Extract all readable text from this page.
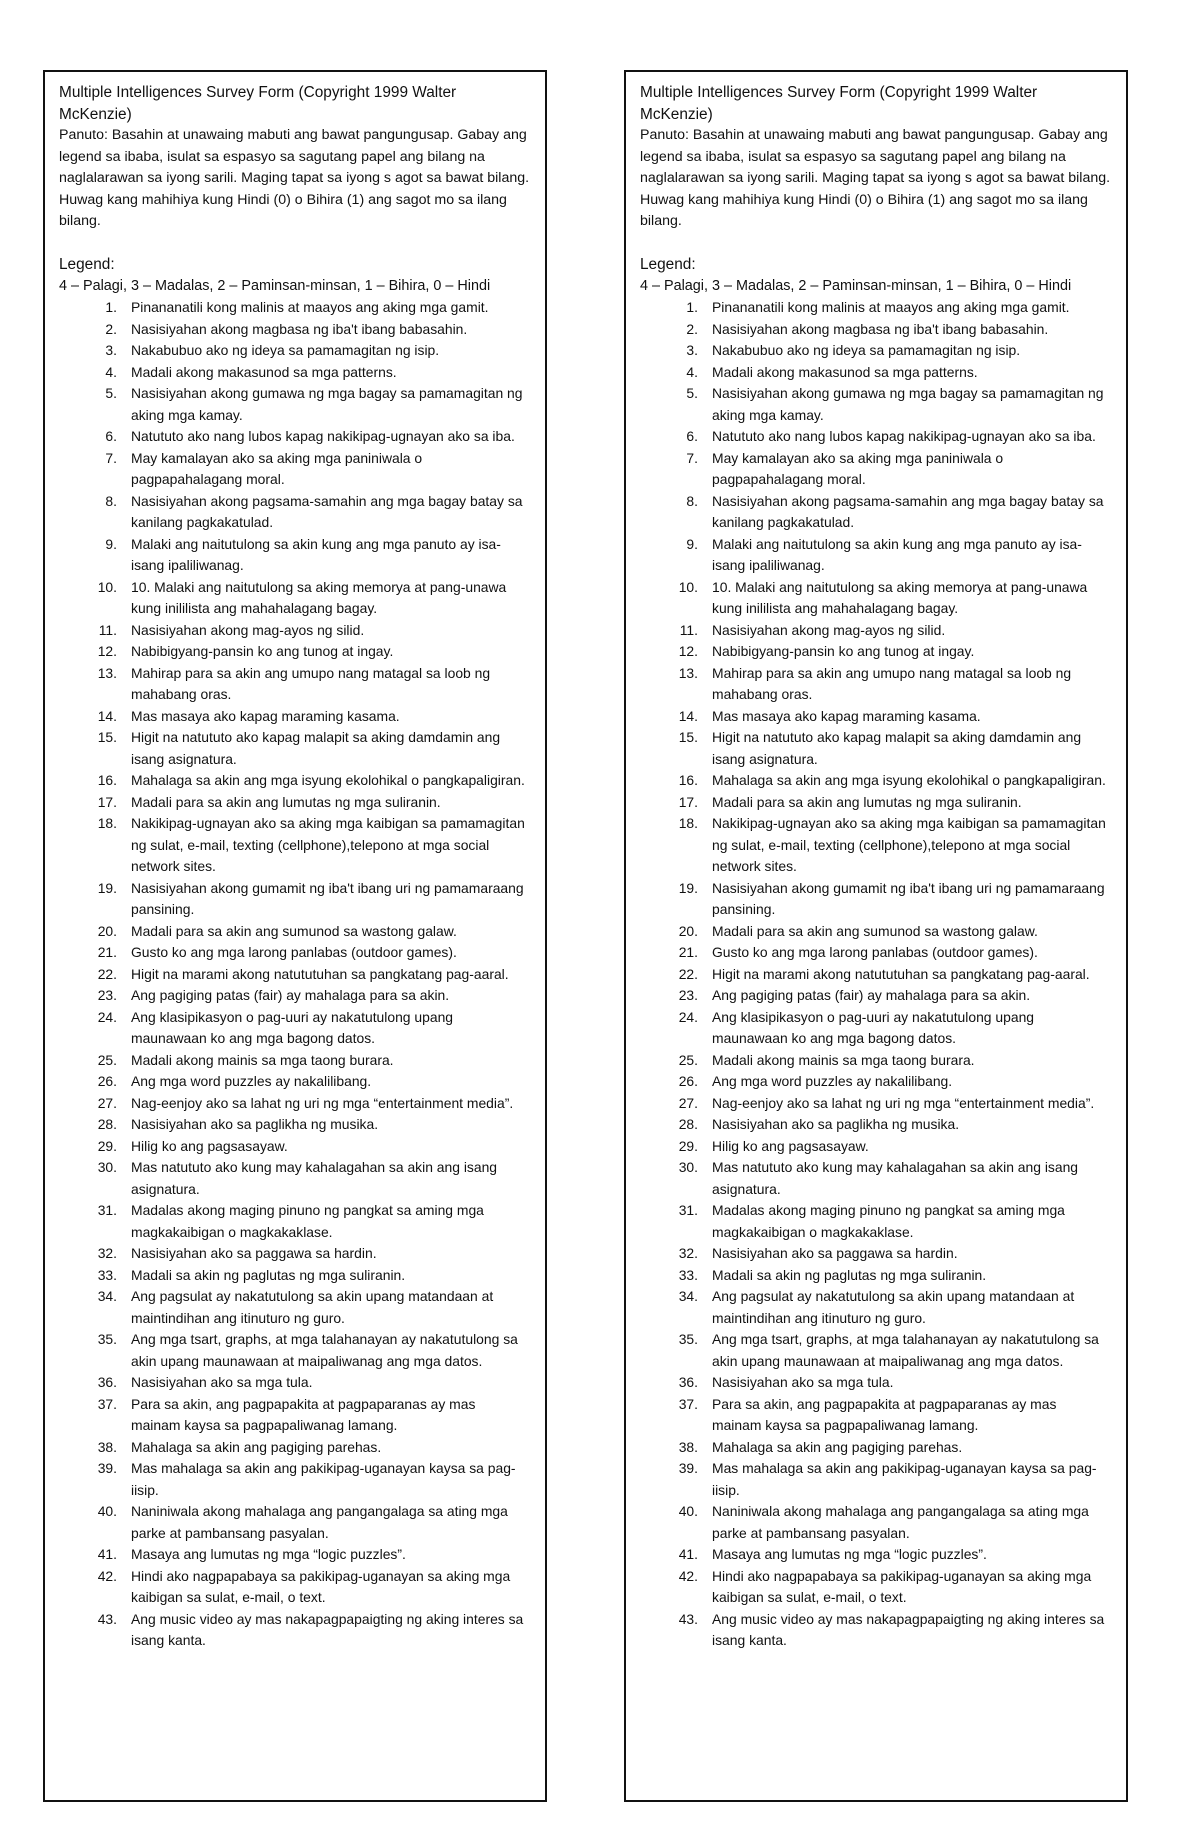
Multiple Intelligences Survey Form (Copyright 1999 Walter McKenzie)

Panuto: Basahin at unawaing mabuti ang bawat pangungusap. Gabay ang legend sa ibaba, isulat sa espasyo sa sagutang papel ang bilang na naglalarawan sa iyong sarili. Maging tapat sa iyong s agot sa bawat bilang. Huwag kang mahihiya kung Hindi (0) o Bihira (1) ang sagot mo sa ilang bilang.

Legend:

4 – Palagi, 3 – Madalas, 2 – Paminsan-minsan, 1 – Bihira, 0 – Hindi

1.	Pinananatili kong malinis at maayos ang aking mga gamit.
2.	Nasisiyahan akong magbasa ng iba't ibang babasahin.
3.	Nakabubuo ako ng ideya sa pamamagitan ng isip.
4.	Madali akong makasunod sa mga patterns.
5.	Nasisiyahan akong gumawa ng mga bagay sa pamamagitan ng aking mga kamay.
6.	Natututo ako nang lubos kapag nakikipag-ugnayan ako sa iba.
7.	May kamalayan ako sa aking mga paniniwala o pagpapahalagang moral.
8.	Nasisiyahan akong pagsama-samahin ang mga bagay batay sa kanilang pagkakatulad.
9.	Malaki ang naitutulong sa akin kung ang mga panuto ay isa-isang ipaliliwanag.
10.	10. Malaki ang naitutulong sa aking memorya at pang-unawa kung inililista ang mahahalagang bagay.
11.	Nasisiyahan akong mag-ayos ng silid.
12.	Nabibigyang-pansin ko ang tunog at ingay.
13.	Mahirap para sa akin ang umupo nang matagal sa loob ng mahabang oras.
14.	Mas masaya ako kapag maraming kasama.
15.	Higit na natututo ako kapag malapit sa aking damdamin ang isang asignatura.
16.	Mahalaga sa akin ang mga isyung ekolohikal o pangkapaligiran.
17.	Madali para sa akin ang lumutas ng mga suliranin.
18.	Nakikipag-ugnayan ako sa aking mga kaibigan sa pamamagitan ng sulat, e-mail, texting (cellphone),telepono at mga social network sites.
19.	Nasisiyahan akong gumamit ng iba't ibang uri ng pamamaraang pansining.
20.	Madali para sa akin ang sumunod sa wastong galaw.
21.	Gusto ko ang mga larong panlabas (outdoor games).
22.	Higit na marami akong natututuhan sa pangkatang pag-aaral.
23.	Ang pagiging patas (fair) ay mahalaga para sa akin.
24.	Ang klasipikasyon o pag-uuri ay nakatutulong upang maunawaan ko ang mga bagong datos.
25.	Madali akong mainis sa mga taong burara.
26.	Ang mga word puzzles ay nakalilibang.
27.	Nag-eenjoy ako sa lahat ng uri ng mga “entertainment media”.
28.	Nasisiyahan ako sa paglikha ng musika.
29.	Hilig ko ang pagsasayaw.
30.	Mas natututo ako kung may kahalagahan sa akin ang isang asignatura.
31.	Madalas akong maging pinuno ng pangkat sa aming mga magkakaibigan o magkakaklase.
32.	Nasisiyahan ako sa paggawa sa hardin.
33.	Madali sa akin ng paglutas ng mga suliranin.
34.	Ang pagsulat ay nakatutulong sa akin upang matandaan at maintindihan ang itinuturo ng guro.
35.	Ang mga tsart, graphs, at mga talahanayan ay nakatutulong sa akin upang maunawaan at maipaliwanag ang mga datos.
36.	Nasisiyahan ako sa mga tula.
37.	Para sa akin, ang pagpapakita at pagpaparanas ay mas mainam kaysa sa pagpapaliwanag lamang.
38.	Mahalaga sa akin ang pagiging parehas.
39.	Mas mahalaga sa akin ang pakikipag-uganayan kaysa sa pag-iisip.
40.	Naniniwala akong mahalaga ang pangangalaga sa ating mga parke at pambansang pasyalan.
41.	Masaya ang lumutas ng mga “logic puzzles”.
42.	Hindi ako nagpapabaya sa pakikipag-uganayan sa aking mga kaibigan sa sulat, e-mail, o text.
43.	Ang music video ay mas nakapagpapaigting ng aking interes sa isang kanta.

Multiple Intelligences Survey Form (Copyright 1999 Walter McKenzie)

Panuto: Basahin at unawaing mabuti ang bawat pangungusap. Gabay ang legend sa ibaba, isulat sa espasyo sa sagutang papel ang bilang na naglalarawan sa iyong sarili. Maging tapat sa iyong s agot sa bawat bilang. Huwag kang mahihiya kung Hindi (0) o Bihira (1) ang sagot mo sa ilang bilang.

Legend:

4 – Palagi, 3 – Madalas, 2 – Paminsan-minsan, 1 – Bihira, 0 – Hindi

1.	Pinananatili kong malinis at maayos ang aking mga gamit.
2.	Nasisiyahan akong magbasa ng iba't ibang babasahin.
3.	Nakabubuo ako ng ideya sa pamamagitan ng isip.
4.	Madali akong makasunod sa mga patterns.
5.	Nasisiyahan akong gumawa ng mga bagay sa pamamagitan ng aking mga kamay.
6.	Natututo ako nang lubos kapag nakikipag-ugnayan ako sa iba.
7.	May kamalayan ako sa aking mga paniniwala o pagpapahalagang moral.
8.	Nasisiyahan akong pagsama-samahin ang mga bagay batay sa kanilang pagkakatulad.
9.	Malaki ang naitutulong sa akin kung ang mga panuto ay isa-isang ipaliliwanag.
10.	10. Malaki ang naitutulong sa aking memorya at pang-unawa kung inililista ang mahahalagang bagay.
11.	Nasisiyahan akong mag-ayos ng silid.
12.	Nabibigyang-pansin ko ang tunog at ingay.
13.	Mahirap para sa akin ang umupo nang matagal sa loob ng mahabang oras.
14.	Mas masaya ako kapag maraming kasama.
15.	Higit na natututo ako kapag malapit sa aking damdamin ang isang asignatura.
16.	Mahalaga sa akin ang mga isyung ekolohikal o pangkapaligiran.
17.	Madali para sa akin ang lumutas ng mga suliranin.
18.	Nakikipag-ugnayan ako sa aking mga kaibigan sa pamamagitan ng sulat, e-mail, texting (cellphone),telepono at mga social network sites.
19.	Nasisiyahan akong gumamit ng iba't ibang uri ng pamamaraang pansining.
20.	Madali para sa akin ang sumunod sa wastong galaw.
21.	Gusto ko ang mga larong panlabas (outdoor games).
22.	Higit na marami akong natututuhan sa pangkatang pag-aaral.
23.	Ang pagiging patas (fair) ay mahalaga para sa akin.
24.	Ang klasipikasyon o pag-uuri ay nakatutulong upang maunawaan ko ang mga bagong datos.
25.	Madali akong mainis sa mga taong burara.
26.	Ang mga word puzzles ay nakalilibang.
27.	Nag-eenjoy ako sa lahat ng uri ng mga “entertainment media”.
28.	Nasisiyahan ako sa paglikha ng musika.
29.	Hilig ko ang pagsasayaw.
30.	Mas natututo ako kung may kahalagahan sa akin ang isang asignatura.
31.	Madalas akong maging pinuno ng pangkat sa aming mga magkakaibigan o magkakaklase.
32.	Nasisiyahan ako sa paggawa sa hardin.
33.	Madali sa akin ng paglutas ng mga suliranin.
34.	Ang pagsulat ay nakatutulong sa akin upang matandaan at maintindihan ang itinuturo ng guro.
35.	Ang mga tsart, graphs, at mga talahanayan ay nakatutulong sa akin upang maunawaan at maipaliwanag ang mga datos.
36.	Nasisiyahan ako sa mga tula.
37.	Para sa akin, ang pagpapakita at pagpaparanas ay mas mainam kaysa sa pagpapaliwanag lamang.
38.	Mahalaga sa akin ang pagiging parehas.
39.	Mas mahalaga sa akin ang pakikipag-uganayan kaysa sa pag-iisip.
40.	Naniniwala akong mahalaga ang pangangalaga sa ating mga parke at pambansang pasyalan.
41.	Masaya ang lumutas ng mga “logic puzzles”.
42.	Hindi ako nagpapabaya sa pakikipag-uganayan sa aking mga kaibigan sa sulat, e-mail, o text.
43.	Ang music video ay mas nakapagpapaigting ng aking interes sa isang kanta.
